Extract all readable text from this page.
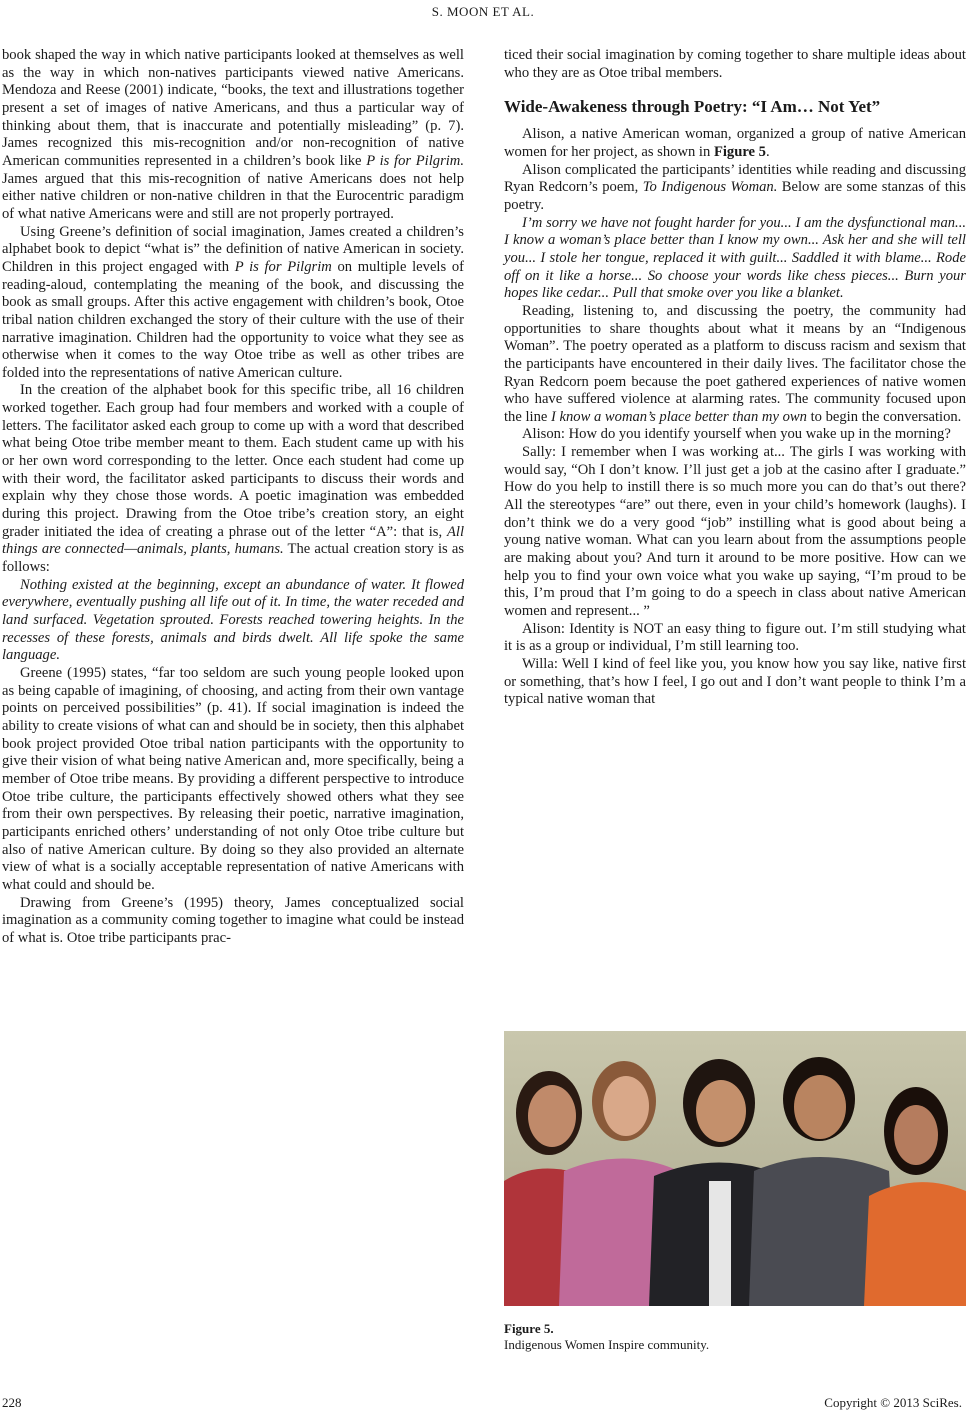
S. MOON ET AL.

book shaped the way in which native participants looked at themselves as well as the way in which non-natives participants viewed native Americans. Mendoza and Reese (2001) indicate, “books, the text and illustrations together present a set of images of native Americans, and thus a particular way of thinking about them, that is inaccurate and potentially misleading” (p. 7). James recognized this mis-recognition and/or non-recognition of native American communities represented in a children’s book like P is for Pilgrim. James argued that this mis-recognition of native Americans does not help either native children or non-native children in that the Eurocentric paradigm of what native Americans were and still are not properly portrayed.

Using Greene’s definition of social imagination, James created a children’s alphabet book to depict “what is” the definition of native American in society. Children in this project engaged with P is for Pilgrim on multiple levels of reading-aloud, contemplating the meaning of the book, and discussing the book as small groups. After this active engagement with children’s book, Otoe tribal nation children exchanged the story of their culture with the use of their narrative imagination. Children had the opportunity to voice what they see as otherwise when it comes to the way Otoe tribe as well as other tribes are folded into the representations of native American culture.

In the creation of the alphabet book for this specific tribe, all 16 children worked together. Each group had four members and worked with a couple of letters. The facilitator asked each group to come up with a word that described what being Otoe tribe member meant to them. Each student came up with his or her own word corresponding to the letter. Once each student had come up with their word, the facilitator asked participants to discuss their words and explain why they chose those words. A poetic imagination was embedded during this project. Drawing from the Otoe tribe’s creation story, an eight grader initiated the idea of creating a phrase out of the letter “A”: that is, All things are connected—animals, plants, humans. The actual creation story is as follows:

Nothing existed at the beginning, except an abundance of water. It flowed everywhere, eventually pushing all life out of it. In time, the water receded and land surfaced. Vegetation sprouted. Forests reached towering heights. In the recesses of these forests, animals and birds dwelt. All life spoke the same language.

Greene (1995) states, “far too seldom are such young people looked upon as being capable of imagining, of choosing, and acting from their own vantage points on perceived possibilities” (p. 41). If social imagination is indeed the ability to create visions of what can and should be in society, then this alphabet book project provided Otoe tribal nation participants with the opportunity to give their vision of what being native American and, more specifically, being a member of Otoe tribe means. By providing a different perspective to introduce Otoe tribe culture, the participants effectively showed others what they see from their own perspectives. By releasing their poetic, narrative imagination, participants enriched others’ understanding of not only Otoe tribe culture but also of native American culture. By doing so they also provided an alternate view of what is a socially acceptable representation of native Americans with what could and should be.

Drawing from Greene’s (1995) theory, James conceptualized social imagination as a community coming together to imagine what could be instead of what is. Otoe tribe participants prac-

ticed their social imagination by coming together to share multiple ideas about who they are as Otoe tribal members.

Wide-Awakeness through Poetry: “I Am… Not Yet”

Alison, a native American woman, organized a group of native American women for her project, as shown in Figure 5.

Alison complicated the participants’ identities while reading and discussing Ryan Redcorn’s poem, To Indigenous Woman. Below are some stanzas of this poetry.

I’m sorry we have not fought harder for you... I am the dysfunctional man... I know a woman’s place better than I know my own... Ask her and she will tell you... I stole her tongue, replaced it with guilt... Saddled it with blame... Rode off on it like a horse... So choose your words like chess pieces... Burn your hopes like cedar... Pull that smoke over you like a blanket.

Reading, listening to, and discussing the poetry, the community had opportunities to share thoughts about what it means by an “Indigenous Woman”. The poetry operated as a platform to discuss racism and sexism that the participants have encountered in their daily lives. The facilitator chose the Ryan Redcorn poem because the poet gathered experiences of native women who have suffered violence at alarming rates. The community focused upon the line I know a woman’s place better than my own to begin the conversation.

Alison: How do you identify yourself when you wake up in the morning?

Sally: I remember when I was working at... The girls I was working with would say, “Oh I don’t know. I’ll just get a job at the casino after I graduate.” How do you help to instill there is so much more you can do that’s out there? All the stereotypes “are” out there, even in your child’s homework (laughs). I don’t think we do a very good “job” instilling what is good about being a young native woman. What can you learn about from the assumptions people are making about you? And turn it around to be more positive. How can we help you to find your own voice what you wake up saying, “I’m proud to be this, I’m proud that I’m going to do a speech in class about native American women and represent... ”

Alison: Identity is NOT an easy thing to figure out. I’m still studying what it is as a group or individual, I’m still learning too.

Willa: Well I kind of feel like you, you know how you say like, native first or something, that’s how I feel, I go out and I don’t want people to think I’m a typical native woman that

Figure 5.
Indigenous Women Inspire community.
228	Copyright © 2013 SciRes.
